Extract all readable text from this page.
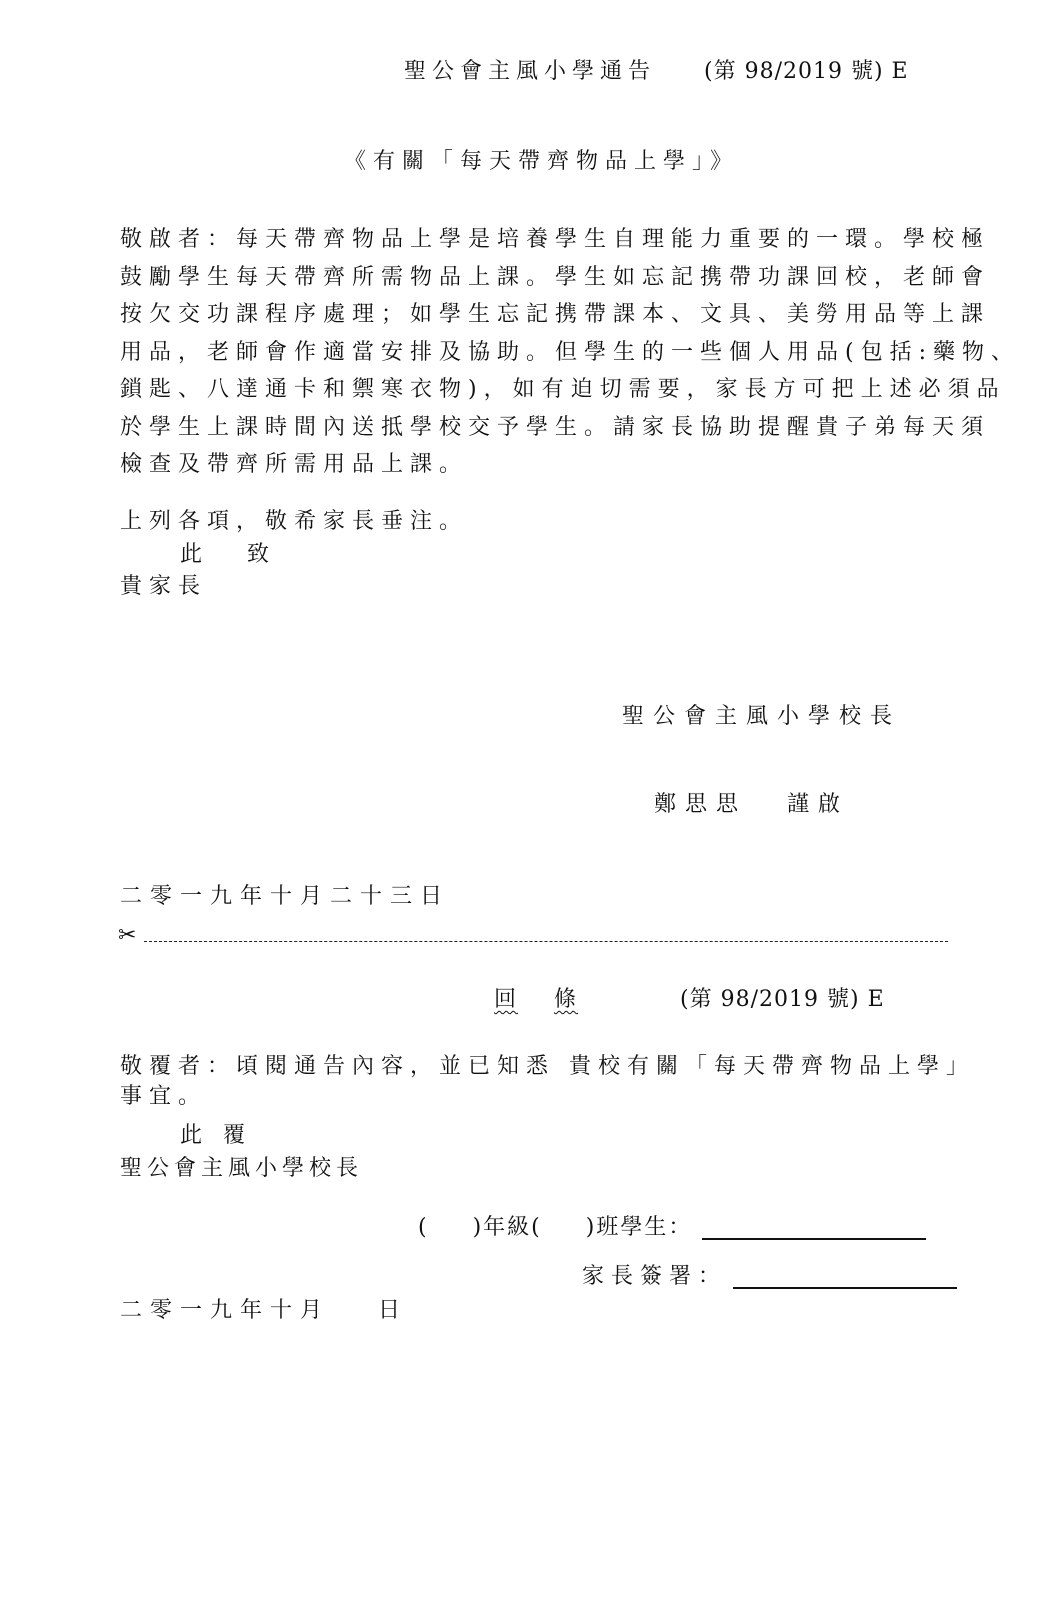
聖公會主風小學通告 (第 98/2019 號) E
《有關「每天帶齊物品上學」》
敬啟者：每天帶齊物品上學是培養學生自理能力重要的一環。學校極
鼓勵學生每天帶齊所需物品上課。學生如忘記携帶功課回校，老師會
按欠交功課程序處理；如學生忘記携帶課本、文具、美勞用品等上課
用品，老師會作適當安排及協助。但學生的一些個人用品(包括:藥物、
鎖匙、八達通卡和禦寒衣物)，如有迫切需要，家長方可把上述必須品
於學生上課時間內送抵學校交予學生。請家長協助提醒貴子弟每天須
檢查及帶齊所需用品上課。
上列各項，敬希家長垂注。
此 致
貴家長
聖公會主風小學校長
鄭思思 謹啟
二零一九年十月二十三日
✂
回 條	(第 98/2019 號) E
敬覆者：頃閱通告內容，並已知悉 貴校有關「每天帶齊物品上學」
事宜。
此 覆
聖公會主風小學校長
( )年級( )班學生：
家長簽署：
二零一九年十月 日
